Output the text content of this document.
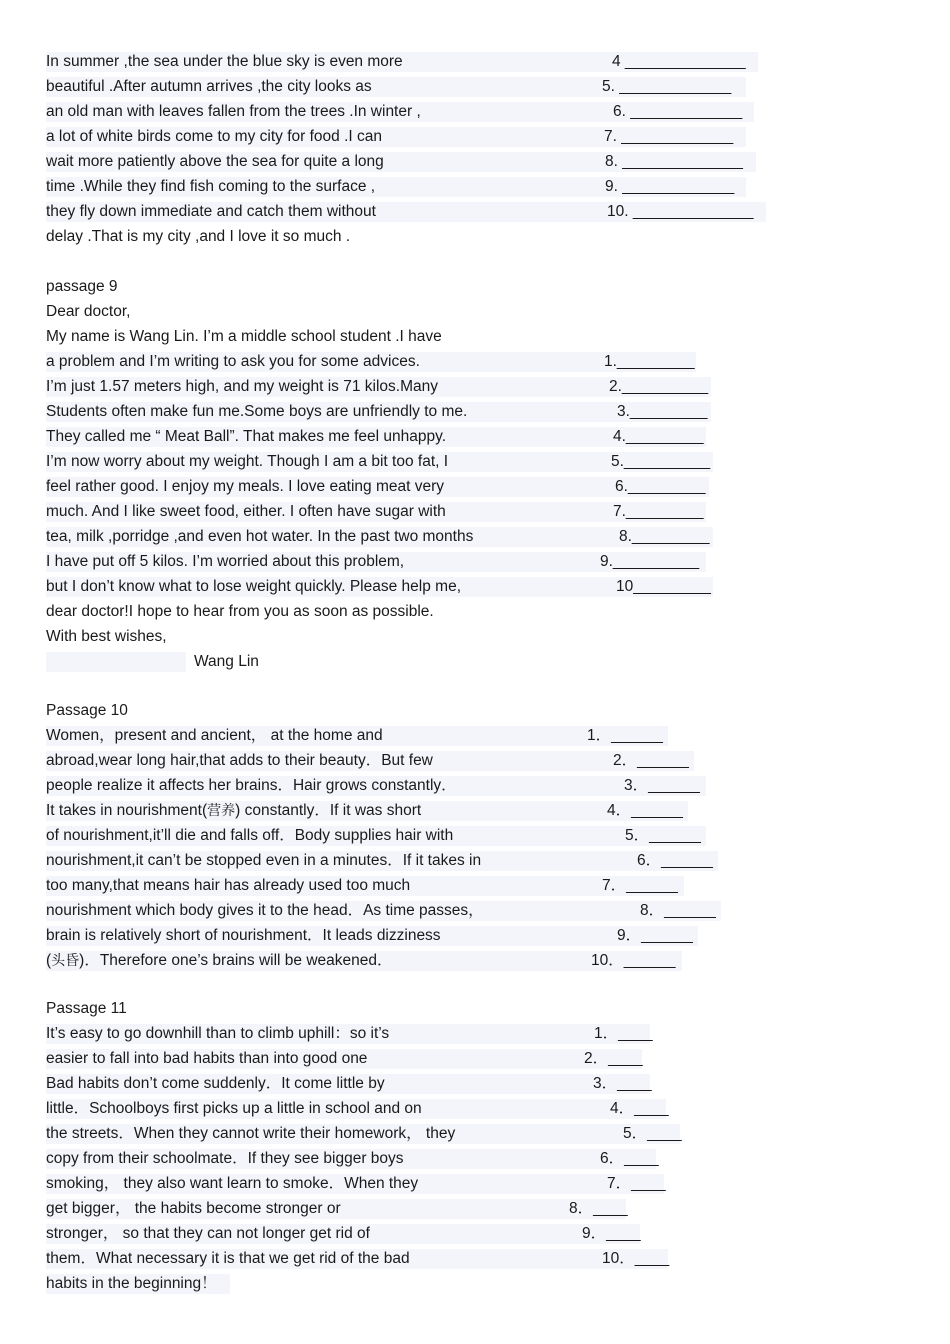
In summer ,the sea under the blue sky is even more
beautiful .After autumn arrives ,the city looks as
an old man with leaves fallen from the trees .In winter ,
a lot of white birds come to my city for food .I can
wait more patiently above the sea for quite a long
time .While they find fish coming to the surface ,
they fly down immediate and catch them without
delay .That is my city ,and I love it so much .
4 ______________
5. _____________
6. _____________
7. _____________
8. ______________
9. _____________
10. ______________
passage 9
Dear doctor,
My name is Wang Lin. I’m a middle school student .I have
a problem and I’m writing to ask you for some advices.
I’m just 1.57 meters high, and my weight is 71 kilos.Many
Students often make fun me.Some boys are unfriendly to me.
They called me “ Meat Ball”. That makes me feel unhappy.
I’m now worry about my weight. Though I am a bit too fat, I
feel rather good. I enjoy my meals. I love eating meat very
much. And I like sweet food, either. I often have sugar with
tea, milk ,porridge ,and even hot water. In the past two months
I have put off 5 kilos. I’m worried about this problem,
but I don’t know what to lose weight quickly. Please help me,
dear doctor!I hope to hear from you as soon as possible.
With best wishes,
Wang Lin
1._________
2.__________
3._________
4._________
5.__________
6._________
7._________
8._________
9.__________
10_________
Passage 10
Women，present and ancient， at the home and
abroad,wear long hair,that adds to their beauty．But few
people realize it affects her brains．Hair grows constantly．
It takes in nourishment(营养) constantly．If it was short
of nourishment,it’ll die and falls off．Body supplies hair with
nourishment,it can’t be stopped even in a minutes．If it takes in
too many,that means hair has already used too much
nourishment which body gives it to the head．As time passes，
brain is relatively short of nourishment．It leads dizziness
(头昏)．Therefore one’s brains will be weakened．
1．______
2．______
3．______
4．______
5．______
6．______
7．______
8．______
9．______
10．______
Passage 11
It’s easy to go downhill than to climb uphill：so it’s
easier to fall into bad habits than into good one
Bad habits don’t come suddenly．It come little by
little．Schoolboys first picks up a little in school and on
the streets．When they cannot write their homework， they
copy from their schoolmate．If they see bigger boys
smoking， they also want learn to smoke．When they
get bigger， the habits become stronger or
stronger， so that they can not longer get rid of
them．What necessary it is that we get rid of the bad
habits in the beginning！
1．____
2．____
3．____
4．____
5．____
6．____
7．____
8．____
9．____
10．____
